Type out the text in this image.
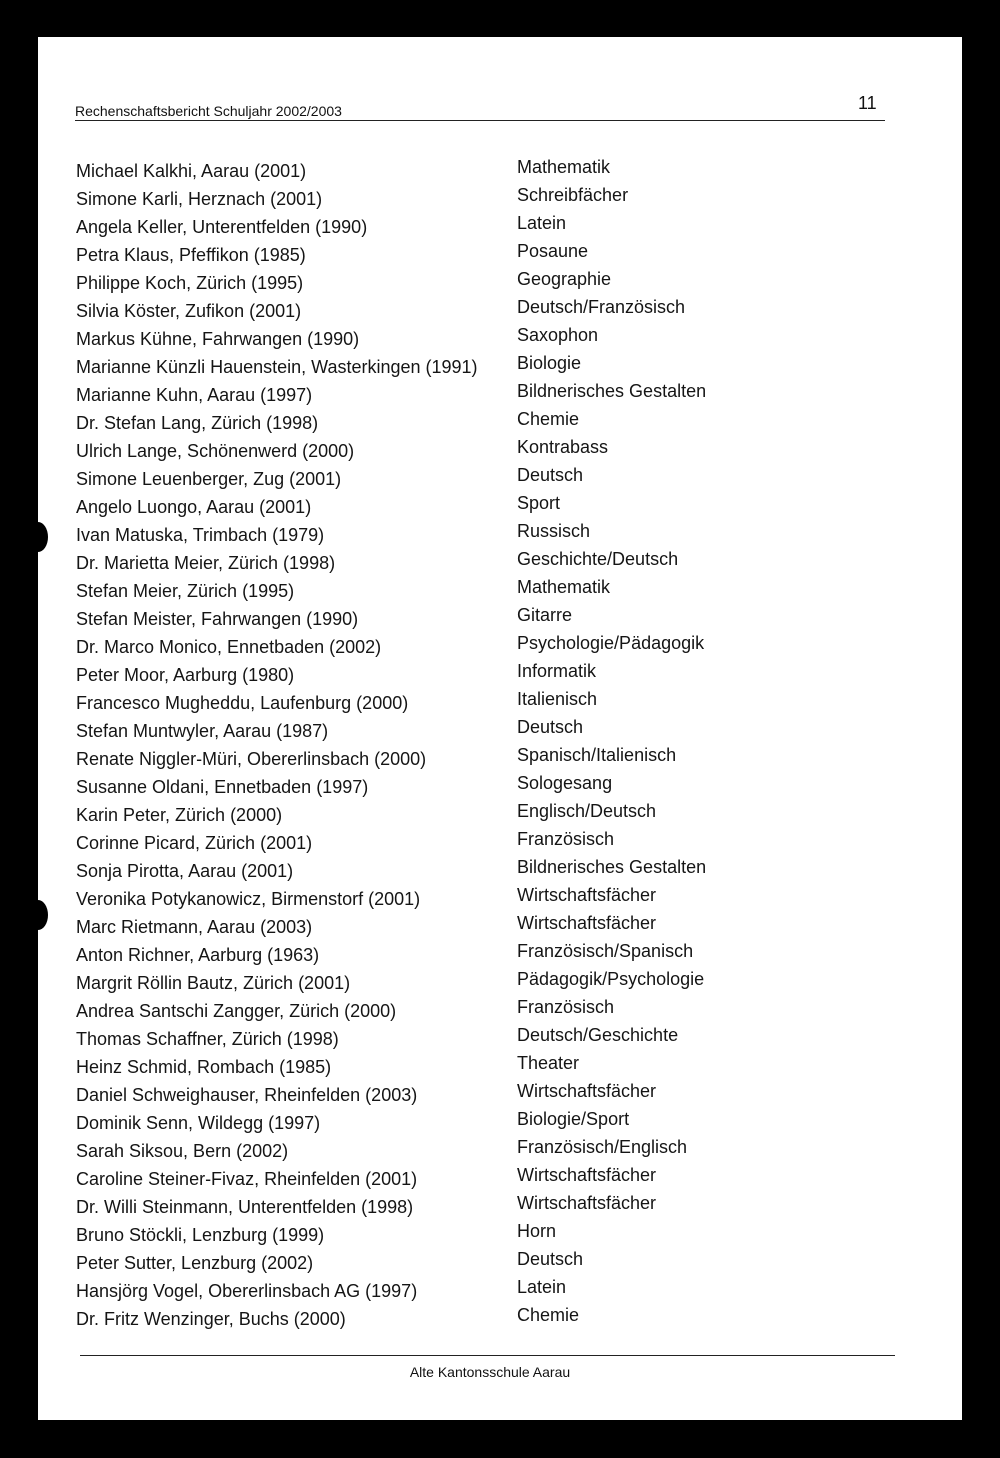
Rechenschaftsbericht Schuljahr 2002/2003	11
Michael Kalkhi, Aarau (2001)
Simone Karli, Herznach (2001)
Angela Keller, Unterentfelden (1990)
Petra Klaus, Pfeffikon (1985)
Philippe Koch, Zürich (1995)
Silvia Köster, Zufikon (2001)
Markus Kühne, Fahrwangen (1990)
Marianne Künzli Hauenstein, Wasterkingen (1991)
Marianne Kuhn, Aarau (1997)
Dr. Stefan Lang, Zürich (1998)
Ulrich Lange, Schönenwerd (2000)
Simone Leuenberger, Zug (2001)
Angelo Luongo, Aarau (2001)
Ivan Matuska, Trimbach (1979)
Dr. Marietta Meier, Zürich (1998)
Stefan Meier, Zürich (1995)
Stefan Meister, Fahrwangen (1990)
Dr. Marco Monico, Ennetbaden (2002)
Peter Moor, Aarburg (1980)
Francesco Mugheddu, Laufenburg (2000)
Stefan Muntwyler, Aarau (1987)
Renate Niggler-Müri, Obererlinsbach (2000)
Susanne Oldani, Ennetbaden (1997)
Karin Peter, Zürich (2000)
Corinne Picard, Zürich (2001)
Sonja Pirotta, Aarau (2001)
Veronika Potykanowicz, Birmenstorf (2001)
Marc Rietmann, Aarau (2003)
Anton Richner, Aarburg (1963)
Margrit Röllin Bautz, Zürich (2001)
Andrea Santschi Zangger, Zürich (2000)
Thomas Schaffner, Zürich (1998)
Heinz Schmid, Rombach (1985)
Daniel Schweighauser, Rheinfelden (2003)
Dominik Senn, Wildegg (1997)
Sarah Siksou, Bern (2002)
Caroline Steiner-Fivaz, Rheinfelden (2001)
Dr. Willi Steinmann, Unterentfelden (1998)
Bruno Stöckli, Lenzburg (1999)
Peter Sutter, Lenzburg (2002)
Hansjörg Vogel, Obererlinsbach AG (1997)
Dr. Fritz Wenzinger, Buchs (2000)
Mathematik
Schreibfächer
Latein
Posaune
Geographie
Deutsch/Französisch
Saxophon
Biologie
Bildnerisches Gestalten
Chemie
Kontrabass
Deutsch
Sport
Russisch
Geschichte/Deutsch
Mathematik
Gitarre
Psychologie/Pädagogik
Informatik
Italienisch
Deutsch
Spanisch/Italienisch
Sologesang
Englisch/Deutsch
Französisch
Bildnerisches Gestalten
Wirtschaftsfächer
Wirtschaftsfächer
Französisch/Spanisch
Pädagogik/Psychologie
Französisch
Deutsch/Geschichte
Theater
Wirtschaftsfächer
Biologie/Sport
Französisch/Englisch
Wirtschaftsfächer
Wirtschaftsfächer
Horn
Deutsch
Latein
Chemie
Alte Kantonsschule Aarau
